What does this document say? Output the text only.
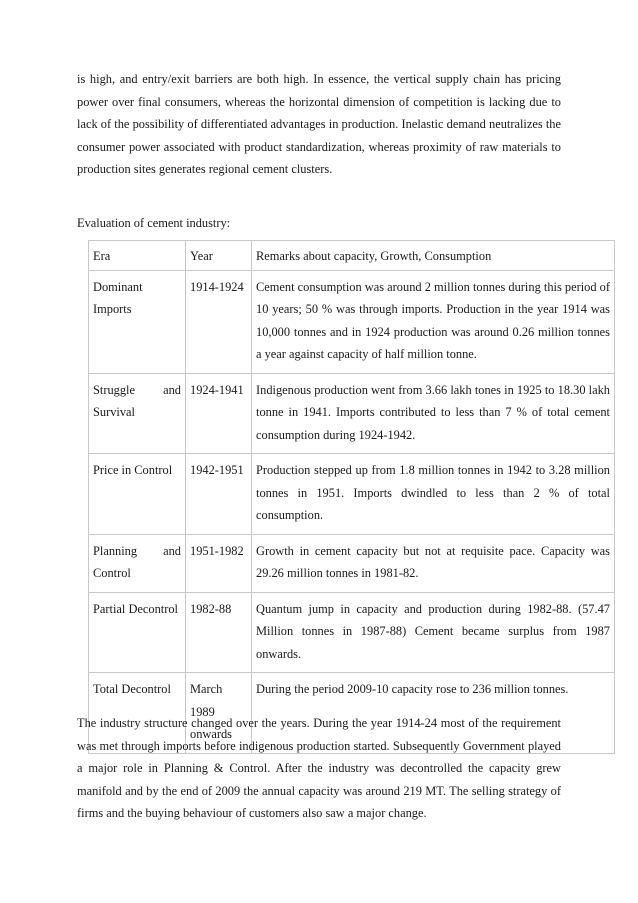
is high, and entry/exit barriers are both high. In essence, the vertical supply chain has pricing power over final consumers, whereas the horizontal dimension of competition is lacking due to lack of the possibility of differentiated advantages in production. Inelastic demand neutralizes the consumer power associated with product standardization, whereas proximity of raw materials to production sites generates regional cement clusters.

Evaluation of cement industry:

Era	Year	Remarks about capacity, Growth, Consumption
Dominant Imports	1914-1924	Cement consumption was around 2 million tonnes during this period of 10 years; 50 % was through imports. Production in the year 1914 was 10,000 tonnes and in 1924 production was around 0.26 million tonnes a year against capacity of half million tonne.
Struggle and Survival	1924-1941	Indigenous production went from 3.66 lakh tones in 1925 to 18.30 lakh tonne in 1941. Imports contributed to less than 7 % of total cement consumption during 1924-1942.
Price in Control	1942-1951	Production stepped up from 1.8 million tonnes in 1942 to 3.28 million tonnes in 1951. Imports dwindled to less than 2 % of total consumption.
Planning and Control	1951-1982	Growth in cement capacity but not at requisite pace. Capacity was 29.26 million tonnes in 1981-82.
Partial Decontrol	1982-88	Quantum jump in capacity and production during 1982-88. (57.47 Million tonnes in 1987-88) Cement became surplus from 1987 onwards.
Total Decontrol	March 1989 onwards	During the period 2009-10 capacity rose to 236 million tonnes.

The industry structure changed over the years. During the year 1914-24 most of the requirement was met through imports before indigenous production started. Subsequently Government played a major role in Planning & Control. After the industry was decontrolled the capacity grew manifold and by the end of 2009 the annual capacity was around 219 MT. The selling strategy of firms and the buying behaviour of customers also saw a major change.
